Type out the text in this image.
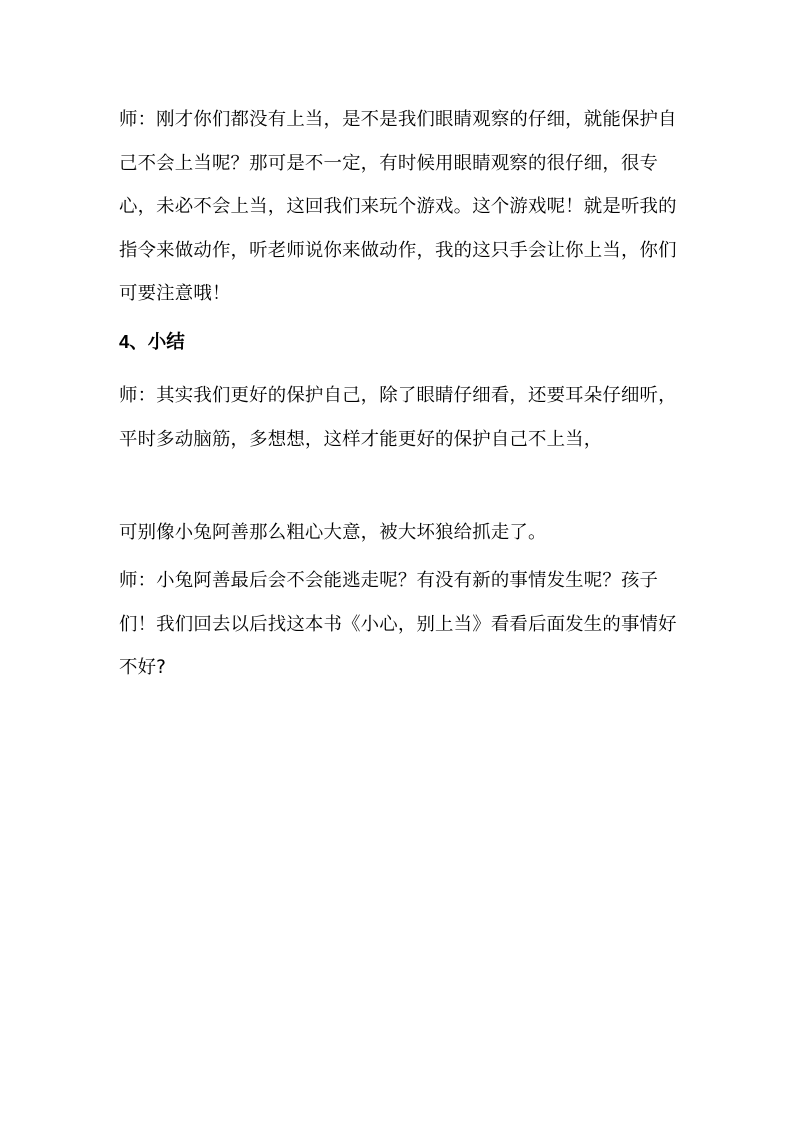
师：刚才你们都没有上当，是不是我们眼睛观察的仔细，就能保护自己不会上当呢？那可是不一定，有时候用眼睛观察的很仔细，很专心，未必不会上当，这回我们来玩个游戏。这个游戏呢！就是听我的指令来做动作，听老师说你来做动作，我的这只手会让你上当，你们可要注意哦！

4、小结

师：其实我们更好的保护自己，除了眼睛仔细看，还要耳朵仔细听，平时多动脑筋，多想想，这样才能更好的保护自己不上当，

可别像小兔阿善那么粗心大意，被大坏狼给抓走了。

师：小兔阿善最后会不会能逃走呢？有没有新的事情发生呢？孩子们！我们回去以后找这本书《小心，别上当》看看后面发生的事情好不好?
